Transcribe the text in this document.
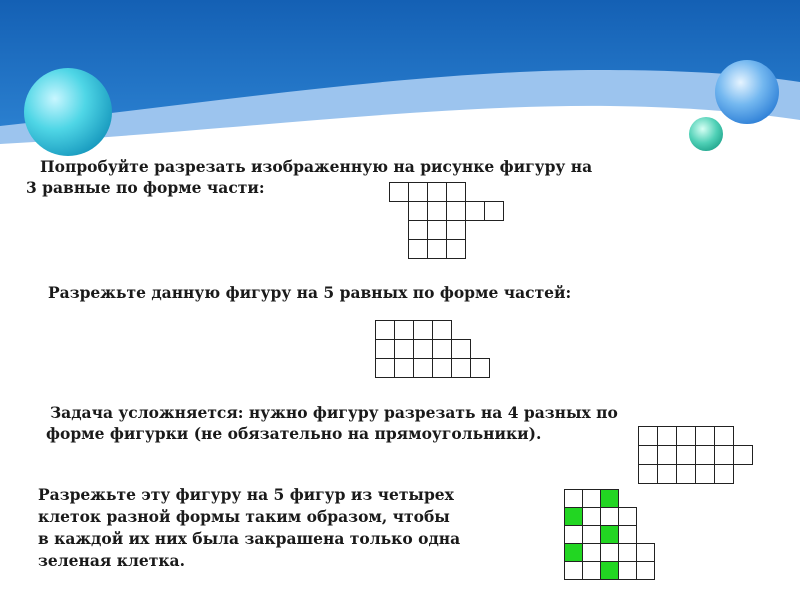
Попробуйте разрезать изображенную на рисунке фигуру на
3 равные по форме части:

Разрежьте данную фигуру на 5 равных по форме частей:

Задача усложняется: нужно фигуру разрезать на 4 разных по
форме фигурки (не обязательно на прямоугольники).

Разрежьте эту фигуру на 5 фигур из четырех
клеток разной формы таким образом, чтобы
в каждой их них была закрашена только одна
зеленая клетка.
